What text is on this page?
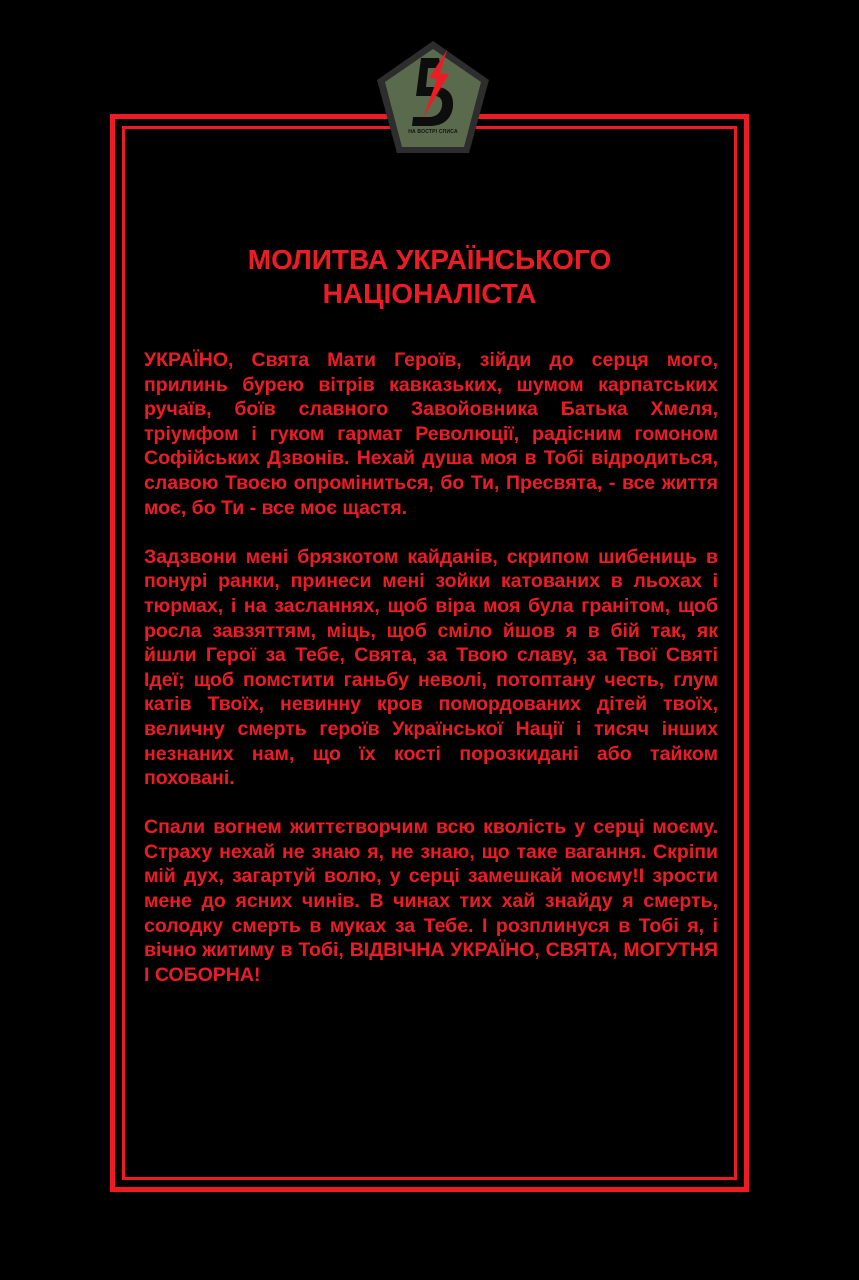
НА ВОСТРІ СПИСА
МОЛИТВА УКРАЇНСЬКОГО
НАЦІОНАЛІСТА

УКРАЇНО, Свята Мати Героїв, зійди до серця мого, прилинь бурею вітрів кавказьких, шумом карпатських ручаїв, боїв славного Завойовника Батька Хмеля, тріумфом і гуком гармат Революції, радісним гомоном Софійських Дзвонів. Нехай душа моя в Тобі відродиться, славою Твоєю опроміниться, бо Ти, Пресвята, - все життя моє, бо Ти - все моє щастя.

Задзвони мені брязкотом кайданів, скрипом шибениць в понурі ранки, принеси мені зойки катованих в льохах і тюрмах, і на засланнях, щоб віра моя була гранітом, щоб росла завзяттям, міць, щоб сміло йшов я в бій так, як йшли Герої за Тебе, Свята, за Твою славу, за Твої Святі Ідеї; щоб помстити ганьбу неволі, потоптану честь, глум катів Твоїх, невинну кров помордованих дітей твоїх, величну смерть героїв Української Нації і тисяч інших незнаних нам, що їх кості порозкидані або тайком поховані.

Спали вогнем життєтворчим всю кволість у серці моєму. Страху нехай не знаю я, не знаю, що таке вагання. Скріпи мій дух, загартуй волю, у серці замешкай моєму!І зрости мене до ясних чинів. В чинах тих хай знайду я смерть, солодку смерть в муках за Тебе. І розплинуся в Тобі я, і вічно житиму в Тобі, ВІДВІЧНА УКРАЇНО, СВЯТА, МОГУТНЯ І СОБОРНА!
